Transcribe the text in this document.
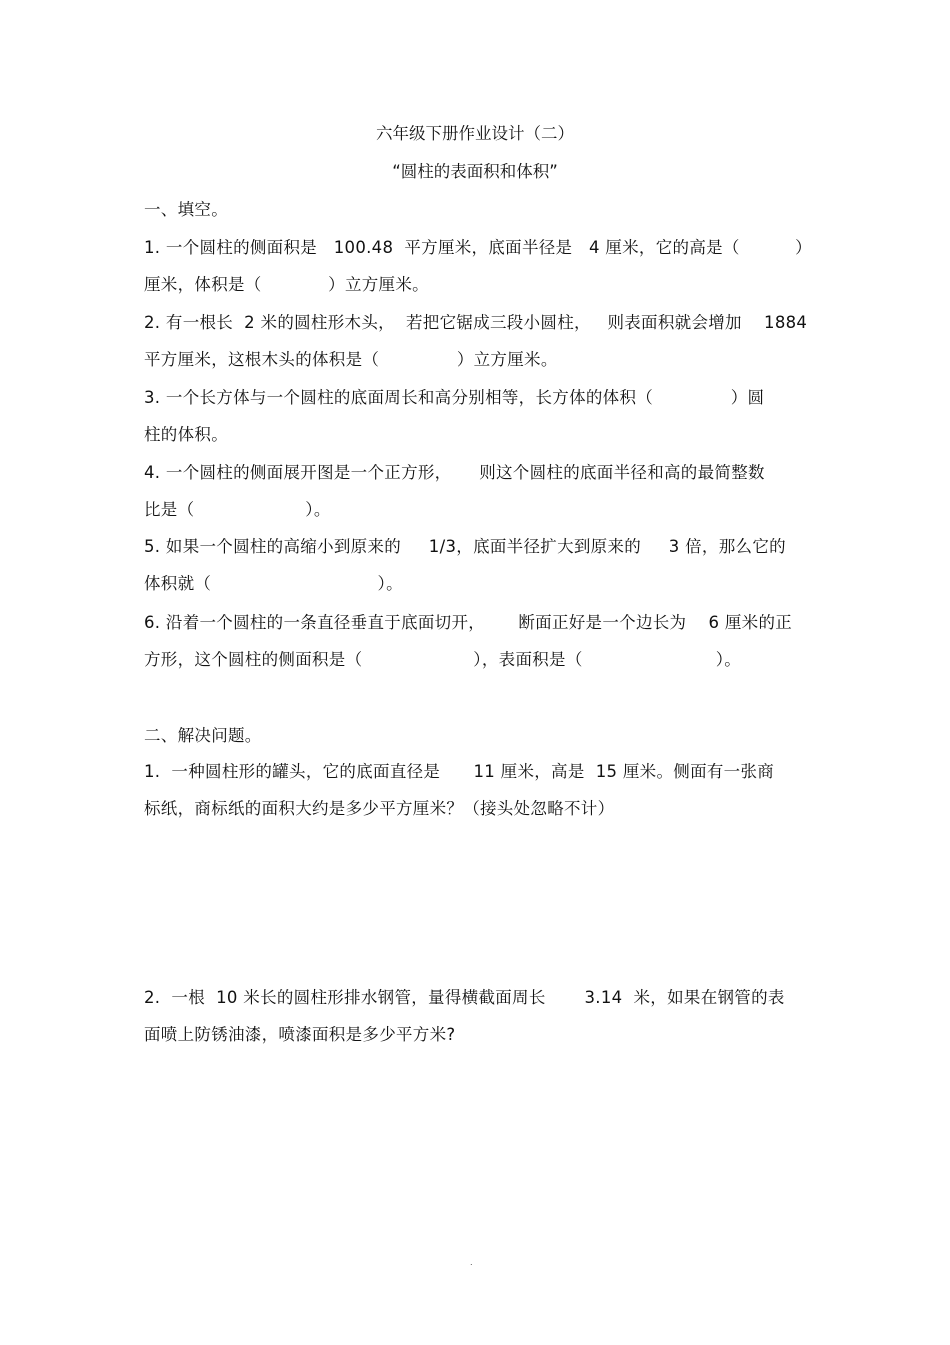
六年级下册作业设计（二）
“圆柱的表面积和体积”
一、填空。
1. 一个圆柱的侧面积是   100.48  平方厘米，底面半径是   4 厘米，它的高是（          ）
厘米，体积是（            ）立方厘米。
2. 有一根长  2 米的圆柱形木头，  若把它锯成三段小圆柱，   则表面积就会增加    1884
平方厘米，这根木头的体积是（              ）立方厘米。
3. 一个长方体与一个圆柱的底面周长和高分别相等，长方体的体积（              ）圆
柱的体积。
4. 一个圆柱的侧面展开图是一个正方形，     则这个圆柱的底面半径和高的最简整数
比是（                    ）。
5. 如果一个圆柱的高缩小到原来的     1/3，底面半径扩大到原来的     3 倍，那么它的
体积就（                              ）。
6. 沿着一个圆柱的一条直径垂直于底面切开，      断面正好是一个边长为    6 厘米的正
方形，这个圆柱的侧面积是（                    ），表面积是（                        ）。
二、解决问题。
1.  一种圆柱形的罐头，它的底面直径是      11 厘米，高是  15 厘米。侧面有一张商
标纸，商标纸的面积大约是多少平方厘米？（接头处忽略不计）
2.  一根  10 米长的圆柱形排水钢管，量得横截面周长       3.14  米，如果在钢管的表
面喷上防锈油漆，喷漆面积是多少平方米?
.
